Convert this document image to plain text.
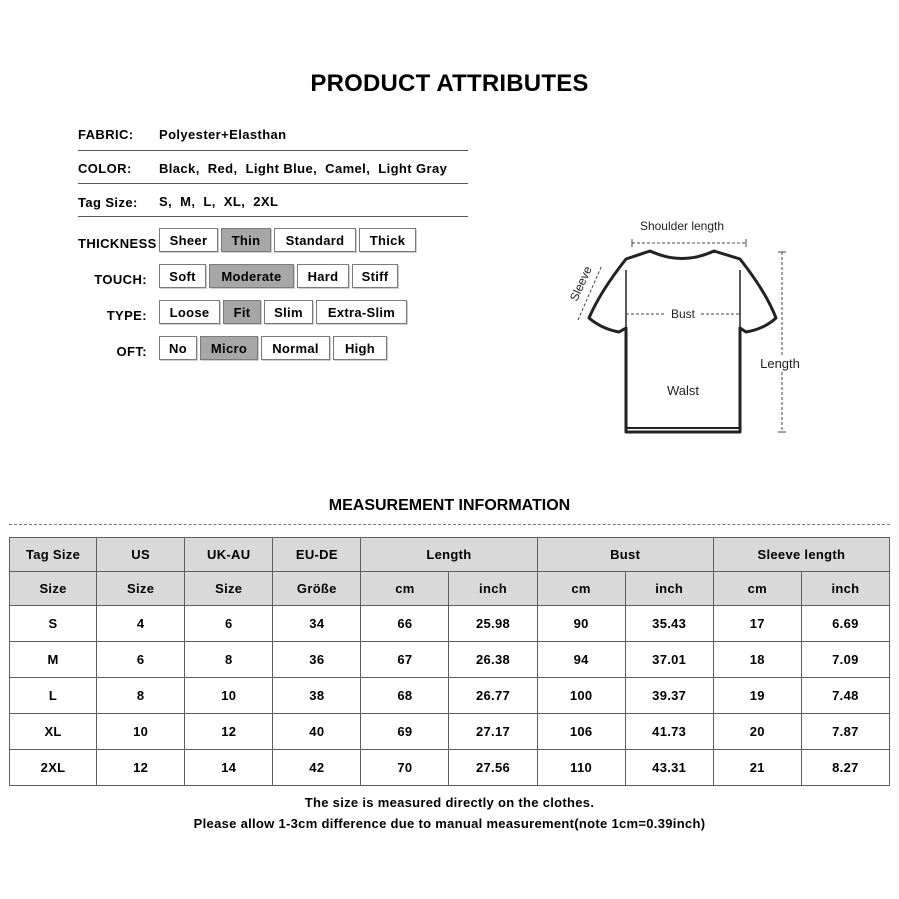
PRODUCT ATTRIBUTES
FABRIC: Polyester+Elasthan
COLOR: Black ,  Red ,  Light Blue ,  Camel ,  Light Gray
Tag Size: S ,  M ,  L ,  XL ,  2XL
THICKNESS Sheer	Thin	Standard	Thick
TOUCH:	Soft	Moderate	Hard	Stiff
TYPE:	Loose	Fit	Slim	Extra-Slim
OFT:	No	Micro	Normal	High
Shoulder length
Sleeve
Bust
Walst
Length
MEASUREMENT INFORMATION
Tag Size	US	UK-AU	EU-DE	Length		Bust		Sleeve length	
Size	Size	Size	Größe	cm	inch	cm	inch	cm	inch
S	4	6	34	66	25.98	90	35.43	17	6.69
M	6	8	36	67	26.38	94	37.01	18	7.09
L	8	10	38	68	26.77	100	39.37	19	7.48
XL	10	12	40	69	27.17	106	41.73	20	7.87
2XL	12	14	42	70	27.56	110	43.31	21	8.27
The size is measured directly on the clothes.
Please allow 1-3cm difference due to manual measurement(note 1cm=0.39inch)
